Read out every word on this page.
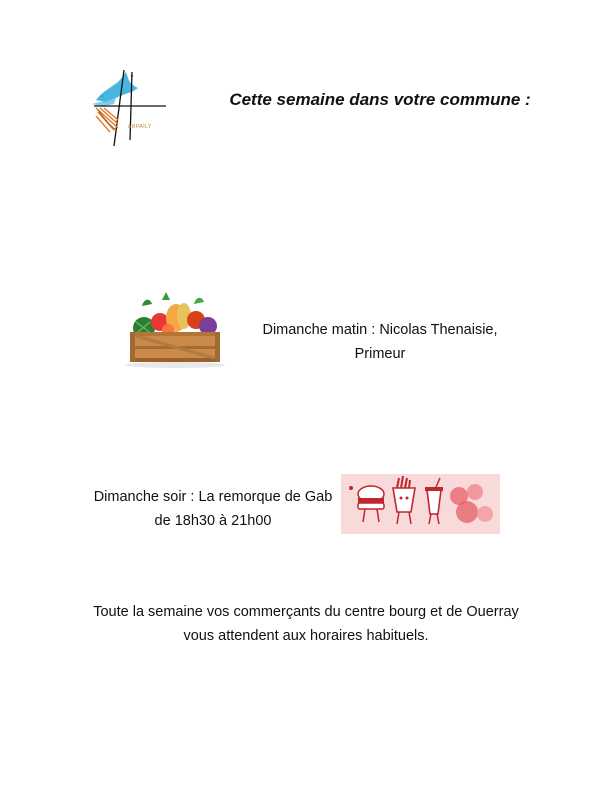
ARPAILY
Cette semaine dans votre commune :
Dimanche matin : Nicolas Thenaisie, Primeur
Dimanche soir : La remorque de Gab de 18h30 à 21h00
Toute la semaine vos commerçants du centre bourg et de Ouerray vous attendent aux horaires habituels.
